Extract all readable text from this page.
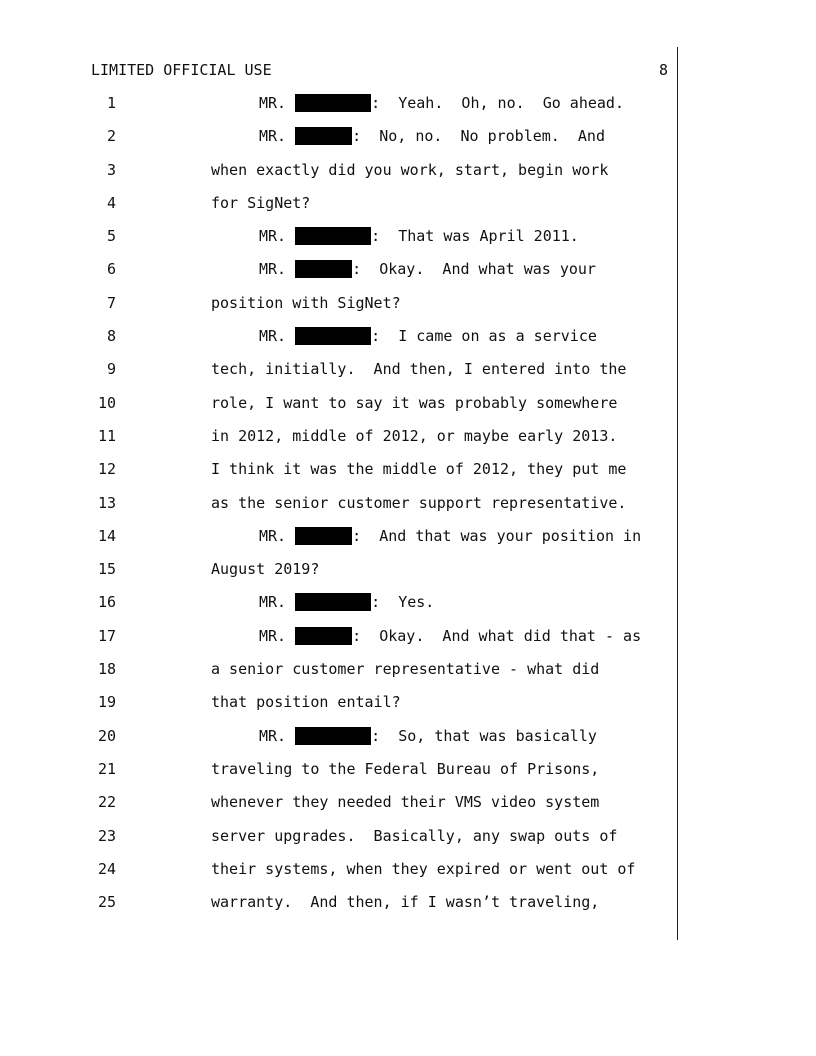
LIMITED OFFICIAL USE	8
1	MR.	:  Yeah.  Oh, no.  Go ahead.
2	MR.	:  No, no.  No problem.  And
3	when exactly did you work, start, begin work
4	for SigNet?
5	MR.	:  That was April 2011.
6	MR.	:  Okay.  And what was your
7	position with SigNet?
8	MR.	:  I came on as a service
9	tech, initially.  And then, I entered into the
10	role, I want to say it was probably somewhere
11	in 2012, middle of 2012, or maybe early 2013.
12	I think it was the middle of 2012, they put me
13	as the senior customer support representative.
14	MR.	:  And that was your position in
15	August 2019?
16	MR.	:  Yes.
17	MR.	:  Okay.  And what did that - as
18	a senior customer representative - what did
19	that position entail?
20	MR.	:  So, that was basically
21	traveling to the Federal Bureau of Prisons,
22	whenever they needed their VMS video system
23	server upgrades.  Basically, any swap outs of
24	their systems, when they expired or went out of
25	warranty.  And then, if I wasn’t traveling,
